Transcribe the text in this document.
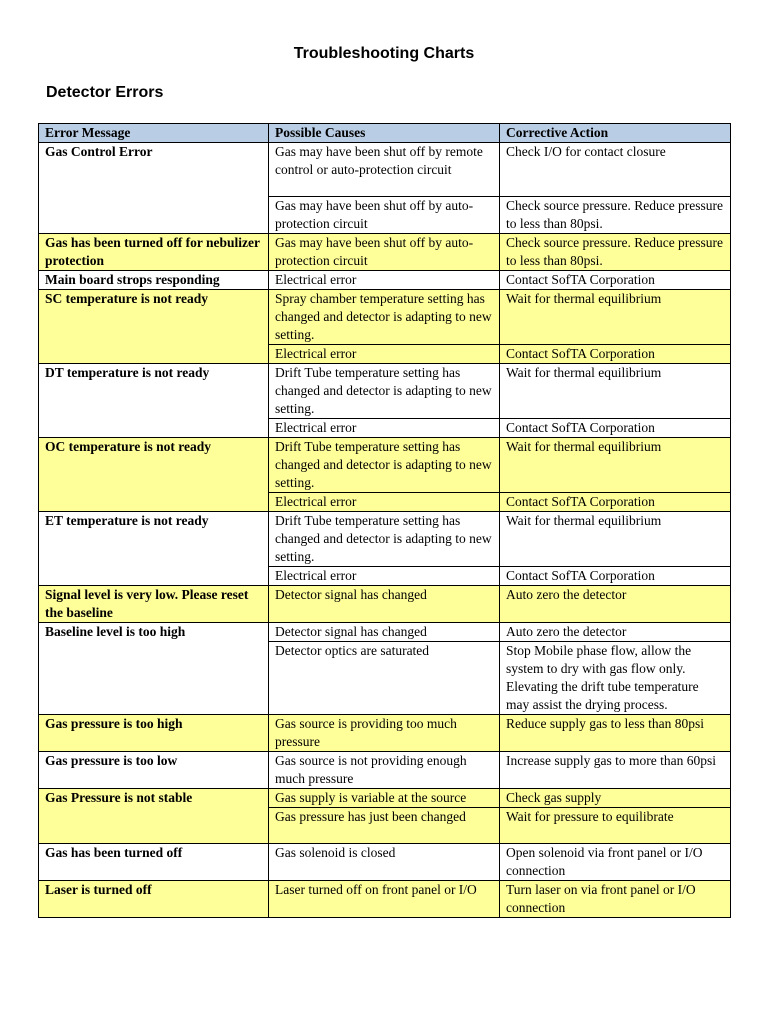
Troubleshooting Charts
Detector Errors
Error Message	Possible Causes	Corrective Action
Gas Control Error	Gas may have been shut off by remote control or auto-protection circuit	Check I/O for contact closure
	Gas may have been shut off by auto-protection circuit	Check source pressure. Reduce pressure to less than 80psi.
Gas has been turned off for nebulizer protection	Gas may have been shut off by auto-protection circuit	Check source pressure. Reduce pressure to less than 80psi.
Main board strops responding	Electrical error	Contact SofTA Corporation
SC temperature is not ready	Spray chamber temperature setting has changed and detector is adapting to new setting.	Wait for thermal equilibrium
	Electrical error	Contact SofTA Corporation
DT temperature is not ready	Drift Tube temperature setting has changed and detector is adapting to new setting.	Wait for thermal equilibrium
	Electrical error	Contact SofTA Corporation
OC temperature is not ready	Drift Tube temperature setting has changed and detector is adapting to new setting.	Wait for thermal equilibrium
	Electrical error	Contact SofTA Corporation
ET temperature is not ready	Drift Tube temperature setting has changed and detector is adapting to new setting.	Wait for thermal equilibrium
	Electrical error	Contact SofTA Corporation
Signal level is very low. Please reset the baseline	Detector signal has changed	Auto zero the detector
Baseline level is too high	Detector signal has changed	Auto zero the detector
	Detector optics are saturated	Stop Mobile phase flow, allow the system to dry with gas flow only. Elevating the drift tube temperature may assist the drying process.
Gas pressure is too high	Gas source is providing too much pressure	Reduce supply gas to less than 80psi
Gas pressure is too low	Gas source is not providing enough much pressure	Increase supply gas to more than 60psi
Gas Pressure is not stable	Gas supply is variable at the source	Check gas supply
	Gas pressure has just been changed	Wait for pressure to equilibrate
Gas has been turned off	Gas solenoid is closed	Open solenoid via front panel or I/O connection
Laser is turned off	Laser turned off on front panel or I/O	Turn laser on via front panel or I/O connection
